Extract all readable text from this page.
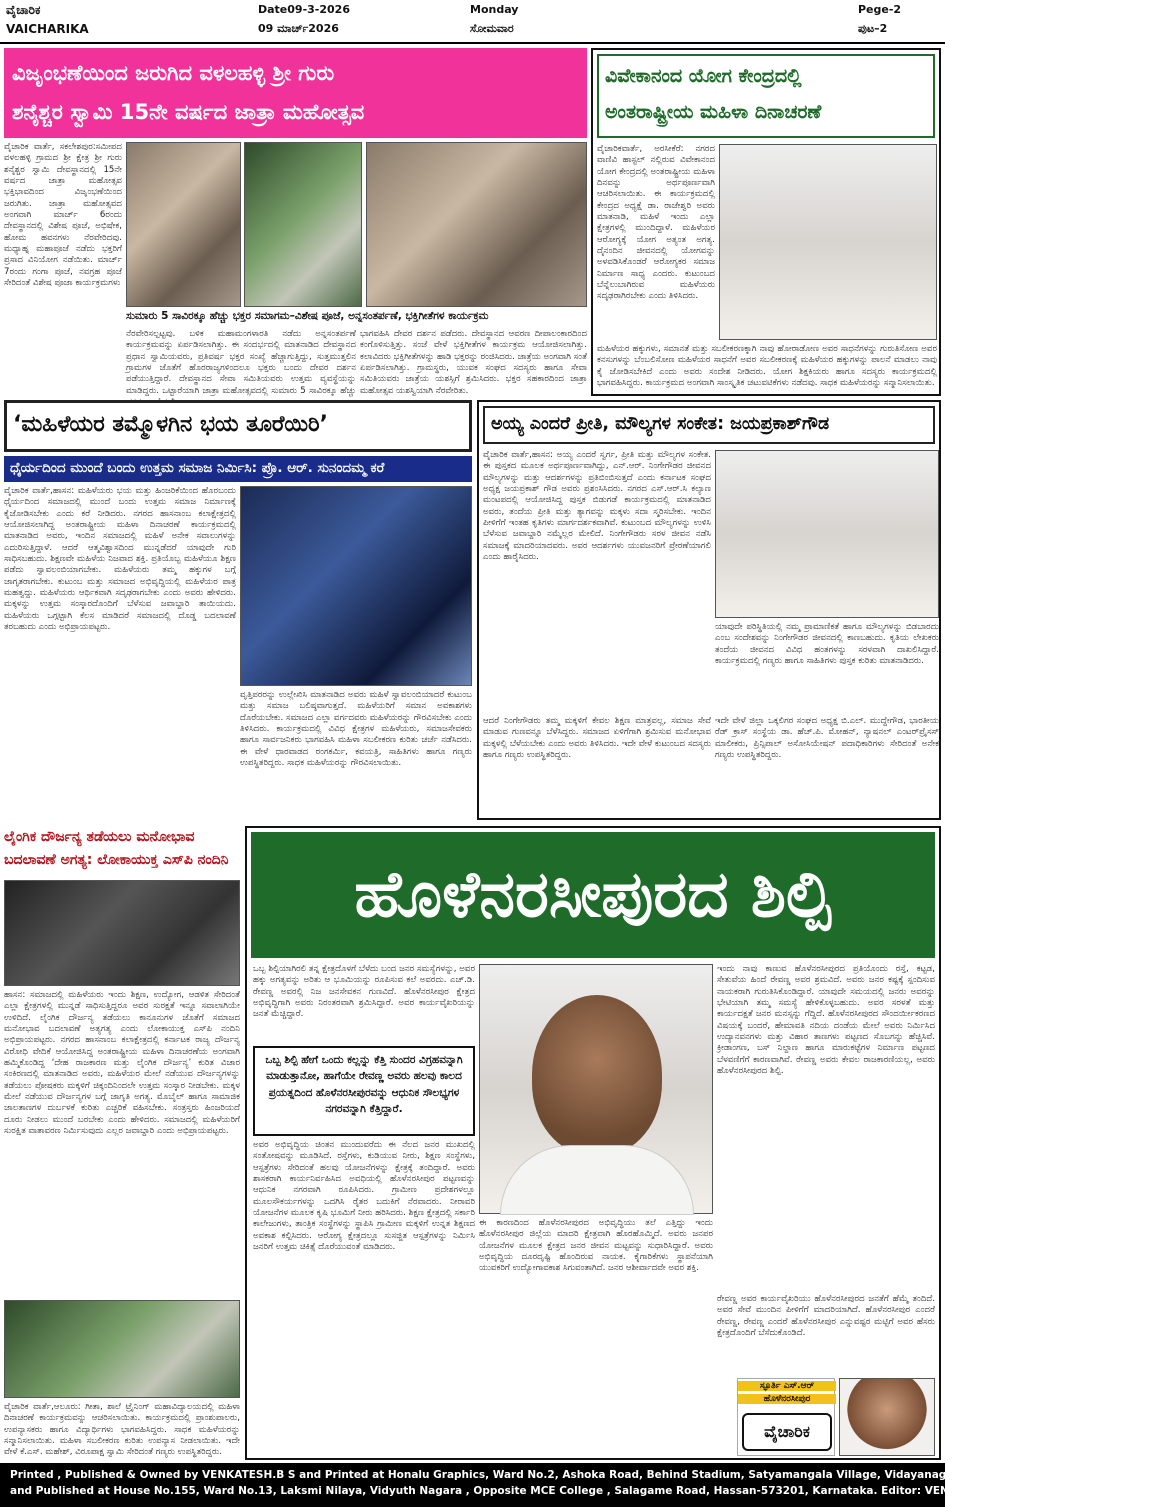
ವೈಚಾರಿಕ
VAICHARIKA
Date09-3-2026
09 ಮಾರ್ಚ್2026
Monday
ಸೋಮವಾರ
Pege-2
ಪುಟ–2
ವಿಜೃಂಭಣೆಯಿಂದ ಜರುಗಿದ ವಳಲಹಳ್ಳಿ ಶ್ರೀ ಗುರು
ಶನೈಶ್ಚರ ಸ್ವಾಮಿ 15ನೇ ವರ್ಷದ ಜಾತ್ರಾ ಮಹೋತ್ಸವ
ವೈಚಾರಿಕ ವಾರ್ತೆ, ಸಕಲೇಶಪುರ:ಸಮೀಪದ ವಳಲಹಳ್ಳಿ ಗ್ರಾಮದ ಶ್ರೀ ಕ್ಷೇತ್ರ ಶ್ರೀ ಗುರು ಶನೈಶ್ಚರ ಸ್ವಾಮಿ ದೇವಸ್ಥಾನದಲ್ಲಿ 15ನೇ ವರ್ಷದ ಜಾತ್ರಾ ಮಹೋತ್ಸವ ಭಕ್ತಿಭಾವದಿಂದ ವಿಜೃಂಭಣೆಯಿಂದ ಜರುಗಿತು. ಜಾತ್ರಾ ಮಹೋತ್ಸವದ ಅಂಗವಾಗಿ ಮಾರ್ಚ್ 6ರಂದು ದೇವಸ್ಥಾನದಲ್ಲಿ ವಿಶೇಷ ಪೂಜೆ, ಅಭಿಷೇಕ, ಹೋಮ ಹವನಗಳು ನೆರವೇರಿದವು. ಮಧ್ಯಾಹ್ನ ಮಹಾಪೂಜೆ ನಡೆದು ಭಕ್ತರಿಗೆ ಪ್ರಸಾದ ವಿನಿಯೋಗ ನಡೆಯಿತು. ಮಾರ್ಚ್ 7ರಂದು ಗಂಗಾ ಪೂಜೆ, ನವಗ್ರಹ ಪೂಜೆ ಸೇರಿದಂತೆ ವಿಶೇಷ ಪೂಜಾ ಕಾರ್ಯಕ್ರಮಗಳು
ಸುಮಾರು 5 ಸಾವಿರಕ್ಕೂ ಹೆಚ್ಚು ಭಕ್ತರ ಸಮಾಗಮ–ವಿಶೇಷ ಪೂಜೆ, ಅನ್ನಸಂತರ್ಪಣೆ, ಭಕ್ತಿಗೀತೆಗಳ ಕಾರ್ಯಕ್ರಮ
ನೆರವೇರಿಸಲ್ಪಟ್ಟವು. ಬಳಿಕ ಮಹಾಮಂಗಳಾರತಿ ನಡೆದು ಅನ್ನಸಂತರ್ಪಣೆ ಕಾರ್ಯಕ್ರಮವನ್ನು ಏರ್ಪಡಿಸಲಾಗಿತ್ತು. ಈ ಸಂದರ್ಭದಲ್ಲಿ ಮಾತನಾಡಿದ ದೇವಸ್ಥಾನದ ಪ್ರಧಾನ ಸ್ವಾಮಿಯವರು, ಪ್ರತಿವರ್ಷ ಭಕ್ತರ ಸಂಖ್ಯೆ ಹೆಚ್ಚಾಗುತ್ತಿದ್ದು, ಸುತ್ತಮುತ್ತಲಿನ ಗ್ರಾಮಗಳ ಜೊತೆಗೆ ಹೊರರಾಜ್ಯಗಳಿಂದಲೂ ಭಕ್ತರು ಬಂದು ದೇವರ ದರ್ಶನ ಪಡೆಯುತ್ತಿದ್ದಾರೆ. ದೇವಸ್ಥಾನದ ಸೇವಾ ಸಮಿತಿಯವರು ಉತ್ತಮ ವ್ಯವಸ್ಥೆಯನ್ನು ಮಾಡಿದ್ದರು. ಒಟ್ಟಾರೆಯಾಗಿ ಜಾತ್ರಾ ಮಹೋತ್ಸವದಲ್ಲಿ ಸುಮಾರು 5 ಸಾವಿರಕ್ಕೂ ಹೆಚ್ಚು
ಭಾಗವಹಿಸಿ ದೇವರ ದರ್ಶನ ಪಡೆದರು. ದೇವಸ್ಥಾನದ ಆವರಣ ದೀಪಾಲಂಕಾರದಿಂದ ಕಂಗೊಳಿಸುತ್ತಿತ್ತು. ಸಂಜೆ ವೇಳೆ ಭಕ್ತಿಗೀತೆಗಳ ಕಾರ್ಯಕ್ರಮ ಆಯೋಜಿಸಲಾಗಿತ್ತು. ಕಲಾವಿದರು ಭಕ್ತಿಗೀತೆಗಳನ್ನು ಹಾಡಿ ಭಕ್ತರನ್ನು ರಂಜಿಸಿದರು. ಜಾತ್ರೆಯ ಅಂಗವಾಗಿ ಸಂತೆ ಏರ್ಪಡಿಸಲಾಗಿತ್ತು. ಗ್ರಾಮಸ್ಥರು, ಯುವಕ ಸಂಘದ ಸದಸ್ಯರು ಹಾಗೂ ಸೇವಾ ಸಮಿತಿಯವರು ಜಾತ್ರೆಯ ಯಶಸ್ಸಿಗೆ ಶ್ರಮಿಸಿದರು. ಭಕ್ತರ ಸಹಕಾರದಿಂದ ಜಾತ್ರಾ ಮಹೋತ್ಸವ ಯಶಸ್ವಿಯಾಗಿ ನೆರವೇರಿತು.
ವಿವೇಕಾನಂದ ಯೋಗ ಕೇಂದ್ರದಲ್ಲಿ
ಅಂತರಾಷ್ಟ್ರೀಯ ಮಹಿಳಾ ದಿನಾಚರಣೆ
ವೈಚಾರಿಕವಾರ್ತೆ, ಅರಸೀಕೆರೆ: ನಗರದ ವಾಣಿವಿ ಹಾಸ್ಟಲ್ ನಲ್ಲಿರುವ ವಿವೇಕಾನಂದ ಯೋಗ ಕೇಂದ್ರದಲ್ಲಿ ಅಂತರಾಷ್ಟ್ರೀಯ ಮಹಿಳಾ ದಿನವನ್ನು ಅರ್ಥಪೂರ್ಣವಾಗಿ ಆಚರಿಸಲಾಯಿತು. ಈ ಕಾರ್ಯಕ್ರಮದಲ್ಲಿ ಕೇಂದ್ರದ ಅಧ್ಯಕ್ಷೆ ಡಾ. ರಾಜೇಶ್ವರಿ ಅವರು ಮಾತನಾಡಿ, ಮಹಿಳೆ ಇಂದು ಎಲ್ಲಾ ಕ್ಷೇತ್ರಗಳಲ್ಲಿ ಮುಂದಿದ್ದಾಳೆ. ಮಹಿಳೆಯರ ಆರೋಗ್ಯಕ್ಕೆ ಯೋಗ ಅತ್ಯಂತ ಅಗತ್ಯ. ದೈನಂದಿನ ಜೀವನದಲ್ಲಿ ಯೋಗವನ್ನು ಅಳವಡಿಸಿಕೊಂಡರೆ ಆರೋಗ್ಯಕರ ಸಮಾಜ ನಿರ್ಮಾಣ ಸಾಧ್ಯ ಎಂದರು. ಕುಟುಂಬದ ಬೆನ್ನೆಲುಬಾಗಿರುವ ಮಹಿಳೆಯರು ಸದೃಢರಾಗಿರಬೇಕು ಎಂದು ತಿಳಿಸಿದರು.
ಮಹಿಳೆಯರ ಹಕ್ಕುಗಳು, ಸಮಾನತೆ ಮತ್ತು ಸಬಲೀಕರಣಕ್ಕಾಗಿ ನಾವು ಹೋರಾಡೋಣ ಅವರ ಸಾಧನೆಗಳನ್ನು ಗುರುತಿಸೋಣ ಅವರ ಕನಸುಗಳನ್ನು ಬೆಂಬಲಿಸೋಣ ಮಹಿಳೆಯರ ಸಾಧನೆಗೆ ಅವರ ಸಬಲೀಕರಣಕ್ಕೆ ಮಹಿಳೆಯರ ಹಕ್ಕುಗಳನ್ನು ಪಾಲನೆ ಮಾಡಲು ನಾವು ಕೈ ಜೋಡಿಸಬೇಕಿದೆ ಎಂದು ಅವರು ಸಂದೇಶ ನೀಡಿದರು. ಯೋಗ ಶಿಕ್ಷಕಿಯರು ಹಾಗೂ ಸದಸ್ಯರು ಕಾರ್ಯಕ್ರಮದಲ್ಲಿ ಭಾಗವಹಿಸಿದ್ದರು. ಕಾರ್ಯಕ್ರಮದ ಅಂಗವಾಗಿ ಸಾಂಸ್ಕೃತಿಕ ಚಟುವಟಿಕೆಗಳು ನಡೆದವು. ಸಾಧಕ ಮಹಿಳೆಯರನ್ನು ಸನ್ಮಾನಿಸಲಾಯಿತು.
‘ಮಹಿಳೆಯರ ತಮ್ಮೊಳಗಿನ ಭಯ ತೂರೆಯಿರಿ’
ಧೈರ್ಯದಿಂದ ಮುಂದೆ ಬಂದು ಉತ್ತಮ ಸಮಾಜ ನಿರ್ಮಿಸಿ: ಪ್ರೊ. ಆರ್. ಸುನಂದಮ್ಮ ಕರೆ
ವೈಚಾರಿಕ ವಾರ್ತೆ,ಹಾಸನ: ಮಹಿಳೆಯರು ಭಯ ಮತ್ತು ಹಿಂಜರಿಕೆಯಿಂದ ಹೊರಬಂದು ಧೈರ್ಯದಿಂದ ಸಮಾಜದಲ್ಲಿ ಮುಂದೆ ಬಂದು ಉತ್ತಮ ಸಮಾಜ ನಿರ್ಮಾಣಕ್ಕೆ ಕೈಜೋಡಿಸಬೇಕು ಎಂದು ಕರೆ ನೀಡಿದರು. ನಗರದ ಹಾಸನಾಂಬ ಕಲಾಕ್ಷೇತ್ರದಲ್ಲಿ ಆಯೋಜಿಸಲಾಗಿದ್ದ ಅಂತರಾಷ್ಟ್ರೀಯ ಮಹಿಳಾ ದಿನಾಚರಣೆ ಕಾರ್ಯಕ್ರಮದಲ್ಲಿ ಮಾತನಾಡಿದ ಅವರು, ಇಂದಿನ ಸಮಾಜದಲ್ಲಿ ಮಹಿಳೆ ಅನೇಕ ಸವಾಲುಗಳನ್ನು ಎದುರಿಸುತ್ತಿದ್ದಾಳೆ. ಆದರೆ ಆತ್ಮವಿಶ್ವಾಸದಿಂದ ಮುನ್ನಡೆದರೆ ಯಾವುದೇ ಗುರಿ ಸಾಧಿಸಬಹುದು. ಶಿಕ್ಷಣವೇ ಮಹಿಳೆಯ ನಿಜವಾದ ಶಕ್ತಿ. ಪ್ರತಿಯೊಬ್ಬ ಮಹಿಳೆಯೂ ಶಿಕ್ಷಣ ಪಡೆದು ಸ್ವಾವಲಂಬಿಯಾಗಬೇಕು. ಮಹಿಳೆಯರು ತಮ್ಮ ಹಕ್ಕುಗಳ ಬಗ್ಗೆ ಜಾಗೃತರಾಗಬೇಕು. ಕುಟುಂಬ ಮತ್ತು ಸಮಾಜದ ಅಭಿವೃದ್ಧಿಯಲ್ಲಿ ಮಹಿಳೆಯರ ಪಾತ್ರ ಮಹತ್ವದ್ದು. ಮಹಿಳೆಯರು ಆರ್ಥಿಕವಾಗಿ ಸದೃಢರಾಗಬೇಕು ಎಂದು ಅವರು ಹೇಳಿದರು. ಮಕ್ಕಳನ್ನು ಉತ್ತಮ ಸಂಸ್ಕಾರದೊಂದಿಗೆ ಬೆಳೆಸುವ ಜವಾಬ್ದಾರಿ ತಾಯಿಯದು. ಮಹಿಳೆಯರು ಒಗ್ಗಟ್ಟಾಗಿ ಕೆಲಸ ಮಾಡಿದರೆ ಸಮಾಜದಲ್ಲಿ ದೊಡ್ಡ ಬದಲಾವಣೆ ತರಬಹುದು ಎಂದು ಅಭಿಪ್ರಾಯಪಟ್ಟರು.
ವೃತ್ತಿಪರರನ್ನು ಉಲ್ಲೇಖಿಸಿ ಮಾತನಾಡಿದ ಅವರು ಮಹಿಳೆ ಸ್ವಾವಲಂಬಿಯಾದರೆ ಕುಟುಂಬ ಮತ್ತು ಸಮಾಜ ಬಲಿಷ್ಠವಾಗುತ್ತದೆ. ಮಹಿಳೆಯರಿಗೆ ಸಮಾನ ಅವಕಾಶಗಳು ದೊರೆಯಬೇಕು. ಸಮಾಜದ ಎಲ್ಲಾ ವರ್ಗದವರು ಮಹಿಳೆಯರನ್ನು ಗೌರವಿಸಬೇಕು ಎಂದು ತಿಳಿಸಿದರು. ಕಾರ್ಯಕ್ರಮದಲ್ಲಿ ವಿವಿಧ ಕ್ಷೇತ್ರಗಳ ಮಹಿಳೆಯರು, ಸಮಾಜಸೇವಕರು ಹಾಗೂ ಸಾರ್ವಜನಿಕರು ಭಾಗವಹಿಸಿ ಮಹಿಳಾ ಸಬಲೀಕರಣ ಕುರಿತು ಚರ್ಚೆ ನಡೆಸಿದರು. ಈ ವೇಳೆ ಧಾರವಾಡದ ರಂಗಕರ್ಮಿ, ಕವಯತ್ರಿ, ಸಾಹಿತಿಗಳು ಹಾಗೂ ಗಣ್ಯರು ಉಪಸ್ಥಿತರಿದ್ದರು. ಸಾಧಕ ಮಹಿಳೆಯರನ್ನು ಗೌರವಿಸಲಾಯಿತು.
ಅಯ್ಯ ಎಂದರೆ ಪ್ರೀತಿ, ಮೌಲ್ಯಗಳ ಸಂಕೇತ: ಜಯಪ್ರಕಾಶ್‌ಗೌಡ
ವೈಚಾರಿಕ ವಾರ್ತೆ,ಹಾಸನ: ಅಯ್ಯ ಎಂದರೆ ಸ್ವರ್ಗ, ಪ್ರೀತಿ ಮತ್ತು ಮೌಲ್ಯಗಳ ಸಂಕೇತ. ಈ ಪುಸ್ತಕದ ಮೂಲಕ ಅರ್ಥಪೂರ್ಣವಾಗಿದ್ದು, ಎನ್.ಆರ್. ನಿಂಗೇಗೌಡರ ಜೀವನದ ಮೌಲ್ಯಗಳನ್ನು ಮತ್ತು ಆದರ್ಶಗಳನ್ನು ಪ್ರತಿಬಿಂಬಿಸುತ್ತದೆ ಎಂದು ಕರ್ನಾಟಕ ಸಂಘದ ಅಧ್ಯಕ್ಷ ಜಯಪ್ರಕಾಶ್ ಗೌಡ ಅವರು ಪ್ರಶಂಸಿಸಿದರು. ನಗರದ ಎಸ್.ಆರ್.ಸಿ ಕಲ್ಯಾಣ ಮಂಟಪದಲ್ಲಿ ಆಯೋಜಿಸಿದ್ದ ಪುಸ್ತಕ ಬಿಡುಗಡೆ ಕಾರ್ಯಕ್ರಮದಲ್ಲಿ ಮಾತನಾಡಿದ ಅವರು, ತಂದೆಯ ಪ್ರೀತಿ ಮತ್ತು ತ್ಯಾಗವನ್ನು ಮಕ್ಕಳು ಸದಾ ಸ್ಮರಿಸಬೇಕು. ಇಂದಿನ ಪೀಳಿಗೆಗೆ ಇಂತಹ ಕೃತಿಗಳು ಮಾರ್ಗದರ್ಶಕವಾಗಿವೆ. ಕುಟುಂಬದ ಮೌಲ್ಯಗಳನ್ನು ಉಳಿಸಿ ಬೆಳೆಸುವ ಜವಾಬ್ದಾರಿ ನಮ್ಮೆಲ್ಲರ ಮೇಲಿದೆ. ನಿಂಗೇಗೌಡರು ಸರಳ ಜೀವನ ನಡೆಸಿ ಸಮಾಜಕ್ಕೆ ಮಾದರಿಯಾದವರು. ಅವರ ಆದರ್ಶಗಳು ಯುವಜನರಿಗೆ ಪ್ರೇರಣೆಯಾಗಲಿ ಎಂದು ಹಾರೈಸಿದರು.
ಯಾವುದೇ ಪರಿಸ್ಥಿತಿಯಲ್ಲಿ ನಮ್ಮ ಪ್ರಾಮಾಣಿಕತೆ ಹಾಗೂ ಮೌಲ್ಯಗಳನ್ನು ಬಿಡಬಾರದು ಎಂಬ ಸಂದೇಶವನ್ನು ನಿಂಗೇಗೌಡರ ಜೀವನದಲ್ಲಿ ಕಾಣಬಹುದು. ಕೃತಿಯ ಲೇಖಕರು ತಂದೆಯ ಜೀವನದ ವಿವಿಧ ಹಂತಗಳನ್ನು ಸರಳವಾಗಿ ದಾಖಲಿಸಿದ್ದಾರೆ. ಕಾರ್ಯಕ್ರಮದಲ್ಲಿ ಗಣ್ಯರು ಹಾಗೂ ಸಾಹಿತಿಗಳು ಪುಸ್ತಕ ಕುರಿತು ಮಾತನಾಡಿದರು.
ಆದರೆ ನಿಂಗೇಗೌಡರು ತಮ್ಮ ಮಕ್ಕಳಿಗೆ ಕೇವಲ ಶಿಕ್ಷಣ ಮಾತ್ರವಲ್ಲ, ಸಮಾಜ ಸೇವೆ ಮಾಡುವ ಗುಣವನ್ನೂ ಬೆಳೆಸಿದ್ದರು. ಸಮಾಜದ ಏಳಿಗೆಗಾಗಿ ಶ್ರಮಿಸುವ ಮನೋಭಾವ ಮಕ್ಕಳಲ್ಲಿ ಬೆಳೆಯಬೇಕು ಎಂದು ಅವರು ತಿಳಿಸಿದರು. ಇದೇ ವೇಳೆ ಕುಟುಂಬದ ಸದಸ್ಯರು ಹಾಗೂ ಗಣ್ಯರು ಉಪಸ್ಥಿತರಿದ್ದರು.
ಇದೇ ವೇಳೆ ಜಿಲ್ಲಾ ಒಕ್ಕಲಿಗರ ಸಂಘದ ಅಧ್ಯಕ್ಷ ಬಿ.ಎಲ್. ಮುದ್ದೇಗೌಡ, ಭಾರತೀಯ ರೆಡ್ ಕ್ರಾಸ್ ಸಂಸ್ಥೆಯ ಡಾ. ಹೆಚ್.ಪಿ. ಮೋಹನ್, ನ್ಯಾಷನಲ್ ಎಂಟರ್‌ಪ್ರೈಸಸ್ ಮಾಲೀಕರು, ಪ್ರಿನ್ಸಿಪಾಲ್ ಅಸೋಸಿಯೇಷನ್ ಪದಾಧಿಕಾರಿಗಳು ಸೇರಿದಂತೆ ಅನೇಕ ಗಣ್ಯರು ಉಪಸ್ಥಿತರಿದ್ದರು.
ಲೈಂಗಿಕ ದೌರ್ಜನ್ಯ ತಡೆಯಲು ಮನೋಭಾವ
ಬದಲಾವಣೆ ಅಗತ್ಯ: ಲೋಕಾಯುಕ್ತ ಎಸ್‌ಪಿ ನಂದಿನಿ
ಹಾಸನ: ಸಮಾಜದಲ್ಲಿ ಮಹಿಳೆಯರು ಇಂದು ಶಿಕ್ಷಣ, ಉದ್ಯೋಗ, ಆಡಳಿತ ಸೇರಿದಂತೆ ಎಲ್ಲಾ ಕ್ಷೇತ್ರಗಳಲ್ಲಿ ಮುನ್ನಡೆ ಸಾಧಿಸುತ್ತಿದ್ದರೂ ಅವರ ಸುರಕ್ಷತೆ ಇನ್ನೂ ಸವಾಲಾಗಿಯೇ ಉಳಿದಿದೆ. ಲೈಂಗಿಕ ದೌರ್ಜನ್ಯ ತಡೆಯಲು ಕಾನೂನುಗಳ ಜೊತೆಗೆ ಸಮಾಜದ ಮನೋಭಾವ ಬದಲಾವಣೆ ಅತ್ಯಗತ್ಯ ಎಂದು ಲೋಕಾಯುಕ್ತ ಎಸ್‌ಪಿ ನಂದಿನಿ ಅಭಿಪ್ರಾಯಪಟ್ಟರು. ನಗರದ ಹಾಸನಾಂಬ ಕಲಾಕ್ಷೇತ್ರದಲ್ಲಿ ಕರ್ನಾಟಕ ರಾಜ್ಯ ದೌರ್ಜನ್ಯ ವಿರೋಧಿ ವೇದಿಕೆ ಆಯೋಜಿಸಿದ್ದ ಅಂತರಾಷ್ಟ್ರೀಯ ಮಹಿಳಾ ದಿನಾಚರಣೆಯ ಅಂಗವಾಗಿ ಹಮ್ಮಿಕೊಂಡಿದ್ದ ‘ದೇಹ ರಾಜಕಾರಣ ಮತ್ತು ಲೈಂಗಿಕ ದೌರ್ಜನ್ಯ’ ಕುರಿತ ವಿಚಾರ ಸಂಕಿರಣದಲ್ಲಿ ಮಾತನಾಡಿದ ಅವರು, ಮಹಿಳೆಯರ ಮೇಲೆ ನಡೆಯುವ ದೌರ್ಜನ್ಯಗಳನ್ನು ತಡೆಯಲು ಪೋಷಕರು ಮಕ್ಕಳಿಗೆ ಚಿಕ್ಕಂದಿನಿಂದಲೇ ಉತ್ತಮ ಸಂಸ್ಕಾರ ನೀಡಬೇಕು. ಮಕ್ಕಳ ಮೇಲೆ ನಡೆಯುವ ದೌರ್ಜನ್ಯಗಳ ಬಗ್ಗೆ ಜಾಗೃತಿ ಅಗತ್ಯ. ಮೊಬೈಲ್ ಹಾಗೂ ಸಾಮಾಜಿಕ ಜಾಲತಾಣಗಳ ದುರ್ಬಳಕೆ ಕುರಿತು ಎಚ್ಚರಿಕೆ ವಹಿಸಬೇಕು. ಸಂತ್ರಸ್ತರು ಹಿಂಜರಿಯದೆ ದೂರು ನೀಡಲು ಮುಂದೆ ಬರಬೇಕು ಎಂದು ಹೇಳಿದರು. ಸಮಾಜದಲ್ಲಿ ಮಹಿಳೆಯರಿಗೆ ಸುರಕ್ಷಿತ ವಾತಾವರಣ ನಿರ್ಮಿಸುವುದು ಎಲ್ಲರ ಜವಾಬ್ದಾರಿ ಎಂದು ಅಭಿಪ್ರಾಯಪಟ್ಟರು.
ವೈಚಾರಿಕ ವಾರ್ತೆ,ಆಲೂರು: ಗೀತಾ, ಶಾಲೆ ಟ್ರೈನಿಂಗ್ ಮಹಾವಿದ್ಯಾಲಯದಲ್ಲಿ ಮಹಿಳಾ ದಿನಾಚರಣೆ ಕಾರ್ಯಕ್ರಮವನ್ನು ಆಚರಿಸಲಾಯಿತು. ಕಾರ್ಯಕ್ರಮದಲ್ಲಿ ಪ್ರಾಂಶುಪಾಲರು, ಉಪನ್ಯಾಸಕರು ಹಾಗೂ ವಿದ್ಯಾರ್ಥಿಗಳು ಭಾಗವಹಿಸಿದ್ದರು. ಸಾಧಕ ಮಹಿಳೆಯರನ್ನು ಸನ್ಮಾನಿಸಲಾಯಿತು. ಮಹಿಳಾ ಸಬಲೀಕರಣ ಕುರಿತು ಉಪನ್ಯಾಸ ನೀಡಲಾಯಿತು. ಇದೇ ವೇಳೆ ಕೆ.ಎಸ್. ಮಹೇಶ್, ವಿರೂಪಾಕ್ಷ ಸ್ವಾಮಿ ಸೇರಿದಂತೆ ಗಣ್ಯರು ಉಪಸ್ಥಿತರಿದ್ದರು.
ಹೊಳೆನರಸೀಪುರದ ಶಿಲ್ಪಿ
ಒಬ್ಬ ಶಿಲ್ಪಿಯಾಗಿರಲಿ ತನ್ನ ಕ್ಷೇತ್ರದೊಳಗೆ ಬೆಳೆದು ಬಂದ ಜನರ ಸಮಸ್ಯೆಗಳನ್ನು, ಅವರ ಹಕ್ಕು ಅಗತ್ಯವನ್ನು ಅರಿತು ಆ ಭೂಮಿಯನ್ನು ರೂಪಿಸುವ ಕಲೆ ಅವರದು. ಎಚ್.ಡಿ. ರೇವಣ್ಣ ಅವರಲ್ಲಿ ನಿಜ ಜನಸೇವಕನ ಗುಣವಿದೆ. ಹೊಳೆನರಸೀಪುರ ಕ್ಷೇತ್ರದ ಅಭಿವೃದ್ಧಿಗಾಗಿ ಅವರು ನಿರಂತರವಾಗಿ ಶ್ರಮಿಸಿದ್ದಾರೆ. ಅವರ ಕಾರ್ಯವೈಖರಿಯನ್ನು ಜನತೆ ಮೆಚ್ಚಿದ್ದಾರೆ.
ಒಬ್ಬ ಶಿಲ್ಪಿ ಹೇಗೆ ಒಂದು ಕಲ್ಲನ್ನು ಕೆತ್ತಿ ಸುಂದರ ವಿಗ್ರಹವನ್ನಾಗಿ ಮಾಡುತ್ತಾನೋ, ಹಾಗೆಯೇ ರೇವಣ್ಣ ಅವರು ಹಲವು ಕಾಲದ ಪ್ರಯತ್ನದಿಂದ ಹೊಳೆನರಸೀಪುರವನ್ನು ಆಧುನಿಕ ಸೌಲಭ್ಯಗಳ ನಗರವನ್ನಾಗಿ ಕೆತ್ತಿದ್ದಾರೆ.
ಅವರ ಅಭಿವೃದ್ಧಿಯ ಚಿಂತನ ಮುಂದುವರೆದು ಈ ನೆಲದ ಜನರ ಮುಖದಲ್ಲಿ ಸಂತೋಷವನ್ನು ಮೂಡಿಸಿದೆ. ರಸ್ತೆಗಳು, ಕುಡಿಯುವ ನೀರು, ಶಿಕ್ಷಣ ಸಂಸ್ಥೆಗಳು, ಆಸ್ಪತ್ರೆಗಳು ಸೇರಿದಂತೆ ಹಲವು ಯೋಜನೆಗಳನ್ನು ಕ್ಷೇತ್ರಕ್ಕೆ ತಂದಿದ್ದಾರೆ. ಅವರು ಶಾಸಕರಾಗಿ ಕಾರ್ಯನಿರ್ವಹಿಸಿದ ಅವಧಿಯಲ್ಲಿ ಹೊಳೆನರಸೀಪುರ ಪಟ್ಟಣವನ್ನು ಆಧುನಿಕ ನಗರವಾಗಿ ರೂಪಿಸಿದರು. ಗ್ರಾಮೀಣ ಪ್ರದೇಶಗಳಲ್ಲೂ ಮೂಲಸೌಕರ್ಯಗಳನ್ನು ಒದಗಿಸಿ ರೈತರ ಬದುಕಿಗೆ ನೆರವಾದರು. ನೀರಾವರಿ ಯೋಜನೆಗಳ ಮೂಲಕ ಕೃಷಿ ಭೂಮಿಗೆ ನೀರು ಹರಿಸಿದರು. ಶಿಕ್ಷಣ ಕ್ಷೇತ್ರದಲ್ಲಿ ಸರ್ಕಾರಿ ಕಾಲೇಜುಗಳು, ತಾಂತ್ರಿಕ ಸಂಸ್ಥೆಗಳನ್ನು ಸ್ಥಾಪಿಸಿ ಗ್ರಾಮೀಣ ಮಕ್ಕಳಿಗೆ ಉನ್ನತ ಶಿಕ್ಷಣದ ಅವಕಾಶ ಕಲ್ಪಿಸಿದರು. ಆರೋಗ್ಯ ಕ್ಷೇತ್ರದಲ್ಲೂ ಸುಸಜ್ಜಿತ ಆಸ್ಪತ್ರೆಗಳನ್ನು ನಿರ್ಮಿಸಿ ಜನರಿಗೆ ಉತ್ತಮ ಚಿಕಿತ್ಸೆ ದೊರೆಯುವಂತೆ ಮಾಡಿದರು.
ಈ ಕಾರಣದಿಂದ ಹೊಳೆನರಸೀಪುರದ ಅಭಿವೃದ್ಧಿಯು ತಲೆ ಎತ್ತಿದ್ದು ಇಂದು ಹೊಳೆನರಸೀಪುರ ಜಿಲ್ಲೆಯ ಮಾದರಿ ಕ್ಷೇತ್ರವಾಗಿ ಹೊರಹೊಮ್ಮಿದೆ. ಅವರು ಜನಪರ ಯೋಜನೆಗಳ ಮೂಲಕ ಕ್ಷೇತ್ರದ ಜನರ ಜೀವನ ಮಟ್ಟವನ್ನು ಸುಧಾರಿಸಿದ್ದಾರೆ. ಅವರು ಅಭಿವೃದ್ಧಿಯ ದೂರದೃಷ್ಟಿ ಹೊಂದಿರುವ ನಾಯಕ. ಕೈಗಾರಿಕೆಗಳು ಸ್ಥಾಪನೆಯಾಗಿ ಯುವಕರಿಗೆ ಉದ್ಯೋಗಾವಕಾಶ ಸಿಗುವಂತಾಗಿದೆ. ಜನರ ಆಶೀರ್ವಾದವೇ ಅವರ ಶಕ್ತಿ.
ಇಂದು ನಾವು ಕಾಣುವ ಹೊಳೆನರಸೀಪುರದ ಪ್ರತಿಯೊಂದು ರಸ್ತೆ, ಕಟ್ಟಡ, ಸೇತುವೆಯ ಹಿಂದೆ ರೇವಣ್ಣ ಅವರ ಶ್ರಮವಿದೆ. ಅವರು ಜನರ ಕಷ್ಟಕ್ಕೆ ಸ್ಪಂದಿಸುವ ನಾಯಕರಾಗಿ ಗುರುತಿಸಿಕೊಂಡಿದ್ದಾರೆ. ಯಾವುದೇ ಸಮಯದಲ್ಲಿ ಜನರು ಅವರನ್ನು ಭೇಟಿಯಾಗಿ ತಮ್ಮ ಸಮಸ್ಯೆ ಹೇಳಿಕೊಳ್ಳಬಹುದು. ಅವರ ಸರಳತೆ ಮತ್ತು ಕಾರ್ಯದಕ್ಷತೆ ಜನರ ಮನಸ್ಸನ್ನು ಗೆದ್ದಿದೆ. ಹೊಳೆನರಸೀಪುರದ ಸೌಂದರ್ಯೀಕರಣದ ವಿಷಯಕ್ಕೆ ಬಂದರೆ, ಹೇಮಾವತಿ ನದಿಯ ದಂಡೆಯ ಮೇಲೆ ಅವರು ನಿರ್ಮಿಸಿದ ಉದ್ಯಾನವನಗಳು ಮತ್ತು ವಿಹಾರ ತಾಣಗಳು ಪಟ್ಟಣದ ಸೊಬಗನ್ನು ಹೆಚ್ಚಿಸಿವೆ. ಕ್ರೀಡಾಂಗಣ, ಬಸ್ ನಿಲ್ದಾಣ ಹಾಗೂ ಮಾರುಕಟ್ಟೆಗಳ ನಿರ್ಮಾಣ ಪಟ್ಟಣದ ಬೆಳವಣಿಗೆಗೆ ಕಾರಣವಾಗಿವೆ. ರೇವಣ್ಣ ಅವರು ಕೇವಲ ರಾಜಕಾರಣಿಯಲ್ಲ, ಅವರು ಹೊಳೆನರಸೀಪುರದ ಶಿಲ್ಪಿ.
ರೇವಣ್ಣ ಅವರ ಕಾರ್ಯವೈಖರಿಯು ಹೊಳೆನರಸೀಪುರದ ಜನತೆಗೆ ಹೆಮ್ಮೆ ತಂದಿದೆ. ಅವರ ಸೇವೆ ಮುಂದಿನ ಪೀಳಿಗೆಗೆ ಮಾದರಿಯಾಗಿದೆ. ಹೊಳೆನರಸೀಪುರ ಎಂದರೆ ರೇವಣ್ಣ, ರೇವಣ್ಣ ಎಂದರೆ ಹೊಳೆನರಸೀಪುರ ಎನ್ನುವಷ್ಟರ ಮಟ್ಟಿಗೆ ಅವರ ಹೆಸರು ಕ್ಷೇತ್ರದೊಂದಿಗೆ ಬೆಸೆದುಕೊಂಡಿದೆ.
ಸ್ಫೂರ್ತಿ ಎಸ್.ಆರ್
ಹೊಳೆನರಸೀಪುರ
ವೈಚಾರಿಕ
Printed , Published & Owned by VENKATESH.B S and Printed at Honalu Graphics, Ward No.2, Ashoka Road, Behind Stadium, Satyamangala Village, Vidayanagar, Hassan District, Karnataka-573201
and Published at House No.155, Ward No.13, Laksmi Nilaya, Vidyuth Nagara , Opposite MCE College , Salagame Road, Hassan-573201, Karnataka. Editor: VENKATESH.B S Mob-7899533643
